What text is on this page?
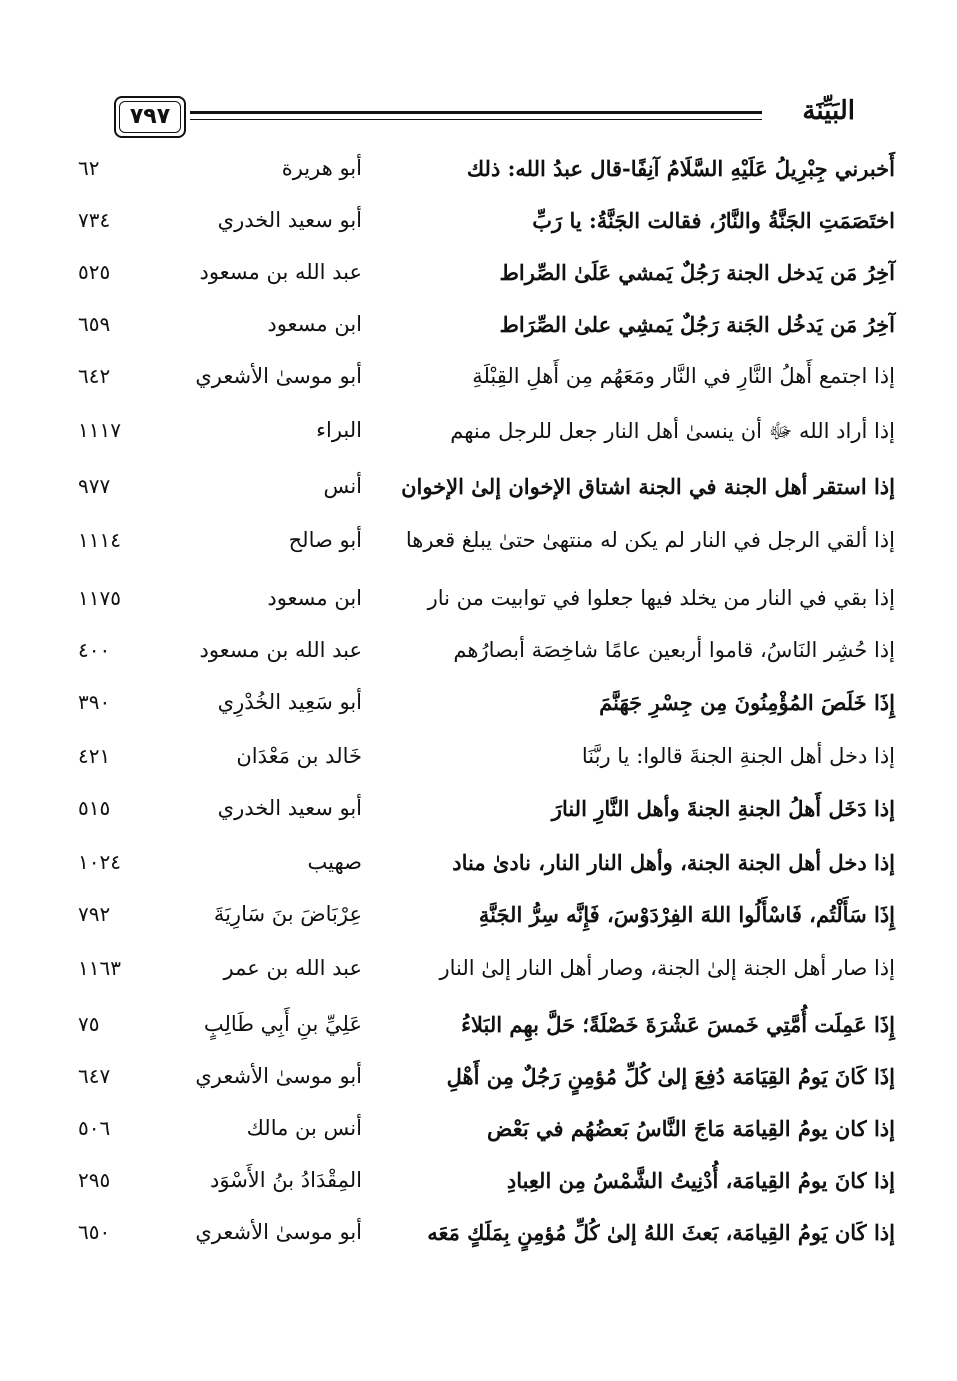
٧٩٧	البَيِّنَة
أَخبرني جِبْرِيلُ عَلَيْهِ السَّلَامُ آنِفًا-قال عبدُ الله: ذلك
أبو هريرة
٦٢
اختَصَمَتِ الجَنَّةُ والنَّارُ، فقالت الجَنَّةُ: يا رَبِّ
أبو سعيد الخدري
٧٣٤
آخِرُ مَن يَدخل الجنة رَجُلٌ يَمشي عَلَىٰ الصِّراط
عبد الله بن مسعود
٥٢٥
آخِرُ مَن يَدخُل الجَنة رَجُلٌ يَمشِي علىٰ الصِّرَاط
ابن مسعود
٦٥٩
إذا اجتمع أَهلُ النَّارِ في النَّار ومَعَهُم مِن أَهلِ القِبْلَةِ
أبو موسىٰ الأشعري
٦٤٢
إذا أراد الله ﷻ أن ينسىٰ أهل النار جعل للرجل منهم
البراء
١١١٧
إذا استقر أهل الجنة في الجنة اشتاق الإخوان إلىٰ الإخوان
أنس
٩٧٧
إذا ألقي الرجل في النار لم يكن له منتهىٰ حتىٰ يبلغ قعرها
أبو صالح
١١١٤
إذا بقي في النار من يخلد فيها جعلوا في توابيت من نار
ابن مسعود
١١٧٥
إذا حُشِر النَاسُ، قاموا أربعين عامًا شاخِصَة أبصارُهم
عبد الله بن مسعود
٤٠٠
إِذَا خَلَصَ المُؤْمِنُونَ مِن جِسْرِ جَهَنَّمَ
أبو سَعِيد الخُدْرِي
٣٩٠
إذا دخل أهل الجنةِ الجنةَ قالوا: يا ربَّنَا
خَالد بن مَعْدَان
٤٢١
إذا دَخَل أَهلُ الجنةِ الجنةَ وأهل النَّارِ النارَ
أبو سعيد الخدري
٥١٥
إذا دخل أهل الجنة الجنة، وأهل النار النار، نادىٰ مناد
صهيب
١٠٢٤
إِذَا سَأَلْتُم، فَاسْأَلُوا اللهَ الفِرْدَوْسَ، فَإِنَّه سِرُّ الجَنَّةِ
عِرْبَاضَ بنَ سَارِيَةَ
٧٩٢
إذا صار أهل الجنة إلىٰ الجنة، وصار أهل النار إلىٰ النار
عبد الله بن عمر
١١٦٣
إِذَا عَمِلَت أُمَّتِي خَمسَ عَشْرَةَ خَصْلَةً؛ حَلَّ بهِم البَلاءُ
عَلِيِّ بنِ أَبِي طَالِبٍ
٧٥
إذَا كَانَ يَومُ القِيَامَة دُفِعَ إلىٰ كُلِّ مُؤمِنٍ رَجُلٌ مِن أَهْلِ
أبو موسىٰ الأشعري
٦٤٧
إذا كان يومُ القِيامَة مَاجَ النَّاسُ بَعضُهُم في بَعْض
أنس بن مالك
٥٠٦
إذا كانَ يومُ القِيامَة، أُدْنِيتُ الشَّمْسُ مِن العِبادِ
المِقْدَادُ بنُ الأَسْوَد
٢٩٥
إذا كَان يَومُ القِيامَة، بَعثَ اللهُ إلىٰ كُلِّ مُؤمِنٍ بِمَلَكٍ مَعَه
أبو موسىٰ الأشعري
٦٥٠
